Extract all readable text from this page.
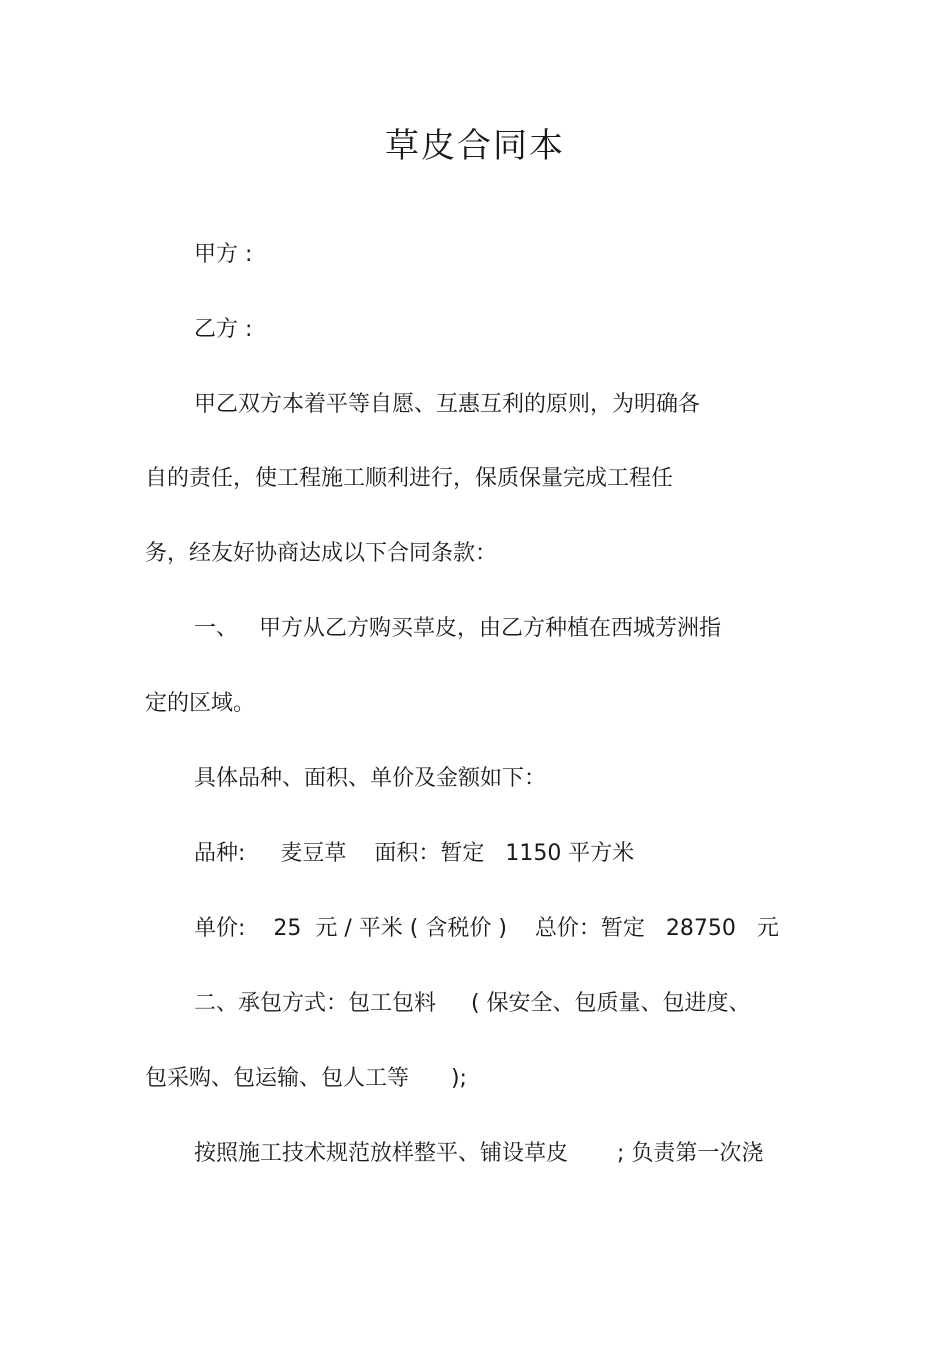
草皮合同本
甲方 :
乙方 :
甲乙双方本着平等自愿、互惠互利的原则，为明确各
自的责任，使工程施工顺利进行，保质保量完成工程任
务，经友好协商达成以下合同条款：
一、   甲方从乙方购买草皮，由乙方种植在西城芳洲指
定的区域。
具体品种、面积、单价及金额如下：
品种:     麦豆草    面积：暂定   1150 平方米
单价:    25  元 / 平米 ( 含税价 )    总价：暂定   28750   元
二、承包方式：包工包料     ( 保安全、包质量、包进度、
包采购、包运输、包人工等      );
按照施工技术规范放样整平、铺设草皮       ; 负责第一次浇
